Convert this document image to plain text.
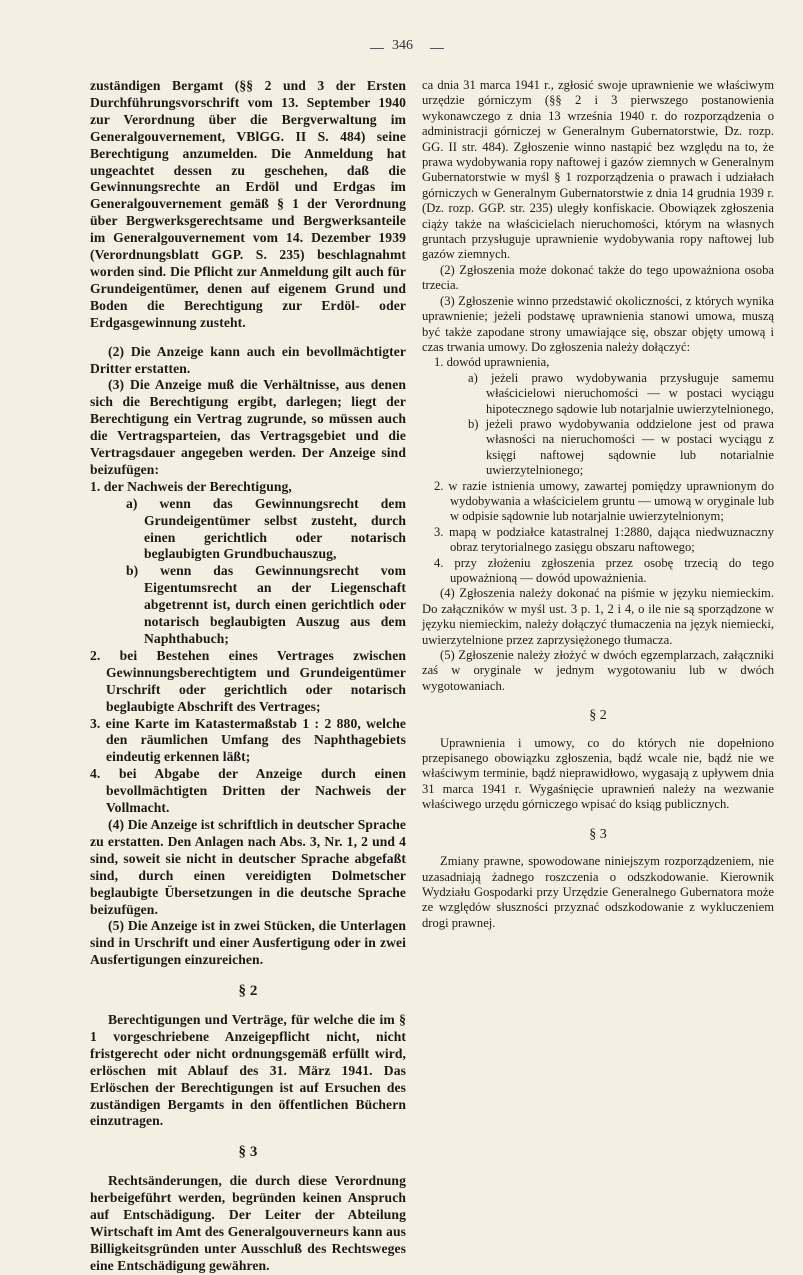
346

zuständigen Bergamt (§§ 2 und 3 der Ersten Durchführungsvorschrift vom 13. September 1940 zur Verordnung über die Bergverwaltung im Generalgouvernement, VBlGG. II S. 484) seine Berechtigung anzumelden. Die Anmeldung hat ungeachtet dessen zu geschehen, daß die Gewinnungsrechte an Erdöl und Erdgas im Generalgouvernement gemäß § 1 der Verordnung über Bergwerksgerechtsame und Bergwerksanteile im Generalgouvernement vom 14. Dezember 1939 (Verordnungsblatt GGP. S. 235) beschlagnahmt worden sind. Die Pflicht zur Anmeldung gilt auch für Grundeigentümer, denen auf eigenem Grund und Boden die Berechtigung zur Erdöl- oder Erdgasgewinnung zusteht.

(2) Die Anzeige kann auch ein bevollmächtigter Dritter erstatten.

(3) Die Anzeige muß die Verhältnisse, aus denen sich die Berechtigung ergibt, darlegen; liegt der Berechtigung ein Vertrag zugrunde, so müssen auch die Vertragsparteien, das Vertragsgebiet und die Vertragsdauer angegeben werden. Der Anzeige sind beizufügen:

1. der Nachweis der Berechtigung,

a) wenn das Gewinnungsrecht dem Grundeigentümer selbst zusteht, durch einen gerichtlich oder notarisch beglaubigten Grundbuchauszug,

b) wenn das Gewinnungsrecht vom Eigentumsrecht an der Liegenschaft abgetrennt ist, durch einen gerichtlich oder notarisch beglaubigten Auszug aus dem Naphthabuch;

2. bei Bestehen eines Vertrages zwischen Gewinnungsberechtigtem und Grundeigentümer Urschrift oder gerichtlich oder notarisch beglaubigte Abschrift des Vertrages;

3. eine Karte im Katastermaßstab 1 : 2 880, welche den räumlichen Umfang des Naphthagebiets eindeutig erkennen läßt;

4. bei Abgabe der Anzeige durch einen bevollmächtigten Dritten der Nachweis der Vollmacht.

(4) Die Anzeige ist schriftlich in deutscher Sprache zu erstatten. Den Anlagen nach Abs. 3, Nr. 1, 2 und 4 sind, soweit sie nicht in deutscher Sprache abgefaßt sind, durch einen vereidigten Dolmetscher beglaubigte Übersetzungen in die deutsche Sprache beizufügen.

(5) Die Anzeige ist in zwei Stücken, die Unterlagen sind in Urschrift und einer Ausfertigung oder in zwei Ausfertigungen einzureichen.

§ 2

Berechtigungen und Verträge, für welche die im § 1 vorgeschriebene Anzeigepflicht nicht, nicht fristgerecht oder nicht ordnungsgemäß erfüllt wird, erlöschen mit Ablauf des 31. März 1941. Das Erlöschen der Berechtigungen ist auf Ersuchen des zuständigen Bergamts in den öffentlichen Büchern einzutragen.

§ 3

Rechtsänderungen, die durch diese Verordnung herbeigeführt werden, begründen keinen Anspruch auf Entschädigung. Der Leiter der Abteilung Wirtschaft im Amt des Generalgouverneurs kann aus Billigkeitsgründen unter Ausschluß des Rechtsweges eine Entschädigung gewähren.

ca dnia 31 marca 1941 r., zgłosić swoje uprawnienie we właściwym urzędzie górniczym (§§ 2 i 3 pierwszego postanowienia wykonawczego z dnia 13 września 1940 r. do rozporządzenia o administracji górniczej w Generalnym Gubernatorstwie, Dz. rozp. GG. II str. 484). Zgłoszenie winno nastąpić bez względu na to, że prawa wydobywania ropy naftowej i gazów ziemnych w Generalnym Gubernatorstwie w myśl § 1 rozporządzenia o prawach i udziałach górniczych w Generalnym Gubernatorstwie z dnia 14 grudnia 1939 r. (Dz. rozp. GGP. str. 235) uległy konfiskacie. Obowiązek zgłoszenia ciąży także na właścicielach nieruchomości, którym na własnych gruntach przysługuje uprawnienie wydobywania ropy naftowej lub gazów ziemnych.

(2) Zgłoszenia może dokonać także do tego upoważniona osoba trzecia.

(3) Zgłoszenie winno przedstawić okoliczności, z których wynika uprawnienie; jeżeli podstawę uprawnienia stanowi umowa, muszą być także zapodane strony umawiające się, obszar objęty umową i czas trwania umowy. Do zgłoszenia należy dołączyć:

1. dowód uprawnienia,

a) jeżeli prawo wydobywania przysługuje samemu właścicielowi nieruchomości — w postaci wyciągu hipotecznego sądowie lub notarjalnie uwierzytelnionego,

b) jeżeli prawo wydobywania oddzielone jest od prawa własności na nieruchomości — w postaci wyciągu z księgi naftowej sądownie lub notarialnie uwierzytelnionego;

2. w razie istnienia umowy, zawartej pomiędzy uprawnionym do wydobywania a właścicielem gruntu — umową w oryginale lub w odpisie sądownie lub notarjalnie uwierzytelnionym;

3. mapą w podziałce katastralnej 1:2880, dająca niedwuznaczny obraz terytorialnego zasięgu obszaru naftowego;

4. przy złożeniu zgłoszenia przez osobę trzecią do tego upoważnioną — dowód upoważnienia.

(4) Zgłoszenia należy dokonać na piśmie w języku niemieckim. Do załączników w myśl ust. 3 p. 1, 2 i 4, o ile nie są sporządzone w języku niemieckim, należy dołączyć tłumaczenia na język niemiecki, uwierzytelnione przez zaprzysiężonego tłumacza.

(5) Zgłoszenie należy złożyć w dwóch egzemplarzach, załączniki zaś w oryginale w jednym wygotowaniu lub w dwóch wygotowaniach.

§ 2

Uprawnienia i umowy, co do których nie dopełniono przepisanego obowiązku zgłoszenia, bądź wcale nie, bądź nie we właściwym terminie, bądź nieprawidłowo, wygasają z upływem dnia 31 marca 1941 r. Wygaśnięcie uprawnień należy na wezwanie właściwego urzędu górniczego wpisać do ksiąg publicznych.

§ 3

Zmiany prawne, spowodowane niniejszym rozporządzeniem, nie uzasadniają żadnego roszczenia o odszkodowanie. Kierownik Wydziału Gospodarki przy Urzędzie Generalnego Gubernatora może ze względów słuszności przyznać odszkodowanie z wykluczeniem drogi prawnej.
